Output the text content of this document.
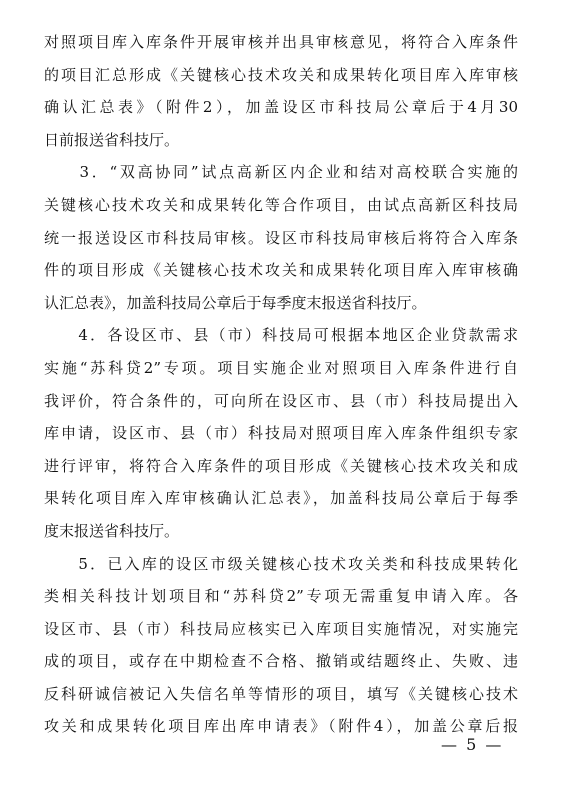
对照项目库入库条件开展审核并出具审核意见，将符合入库条件
的项目汇总形成《关键核心技术攻关和成果转化项目库入库审核
确认汇总表》（附件2），加盖设区市科技局公章后于4月30
日前报送省科技厅。

　　3．“双高协同”试点高新区内企业和结对高校联合实施的
关键核心技术攻关和成果转化等合作项目，由试点高新区科技局
统一报送设区市科技局审核。设区市科技局审核后将符合入库条
件的项目形成《关键核心技术攻关和成果转化项目库入库审核确
认汇总表》，加盖科技局公章后于每季度末报送省科技厅。

　　4．各设区市、县（市）科技局可根据本地区企业贷款需求
实施“苏科贷2”专项。项目实施企业对照项目入库条件进行自
我评价，符合条件的，可向所在设区市、县（市）科技局提出入
库申请，设区市、县（市）科技局对照项目库入库条件组织专家
进行评审，将符合入库条件的项目形成《关键核心技术攻关和成
果转化项目库入库审核确认汇总表》，加盖科技局公章后于每季
度末报送省科技厅。

　　5．已入库的设区市级关键核心技术攻关类和科技成果转化
类相关科技计划项目和“苏科贷2”专项无需重复申请入库。各
设区市、县（市）科技局应核实已入库项目实施情况，对实施完
成的项目，或存在中期检查不合格、撤销或结题终止、失败、违
反科研诚信被记入失信名单等情形的项目，填写《关键核心技术
攻关和成果转化项目库出库申请表》（附件4），加盖公章后报

— 5 —
